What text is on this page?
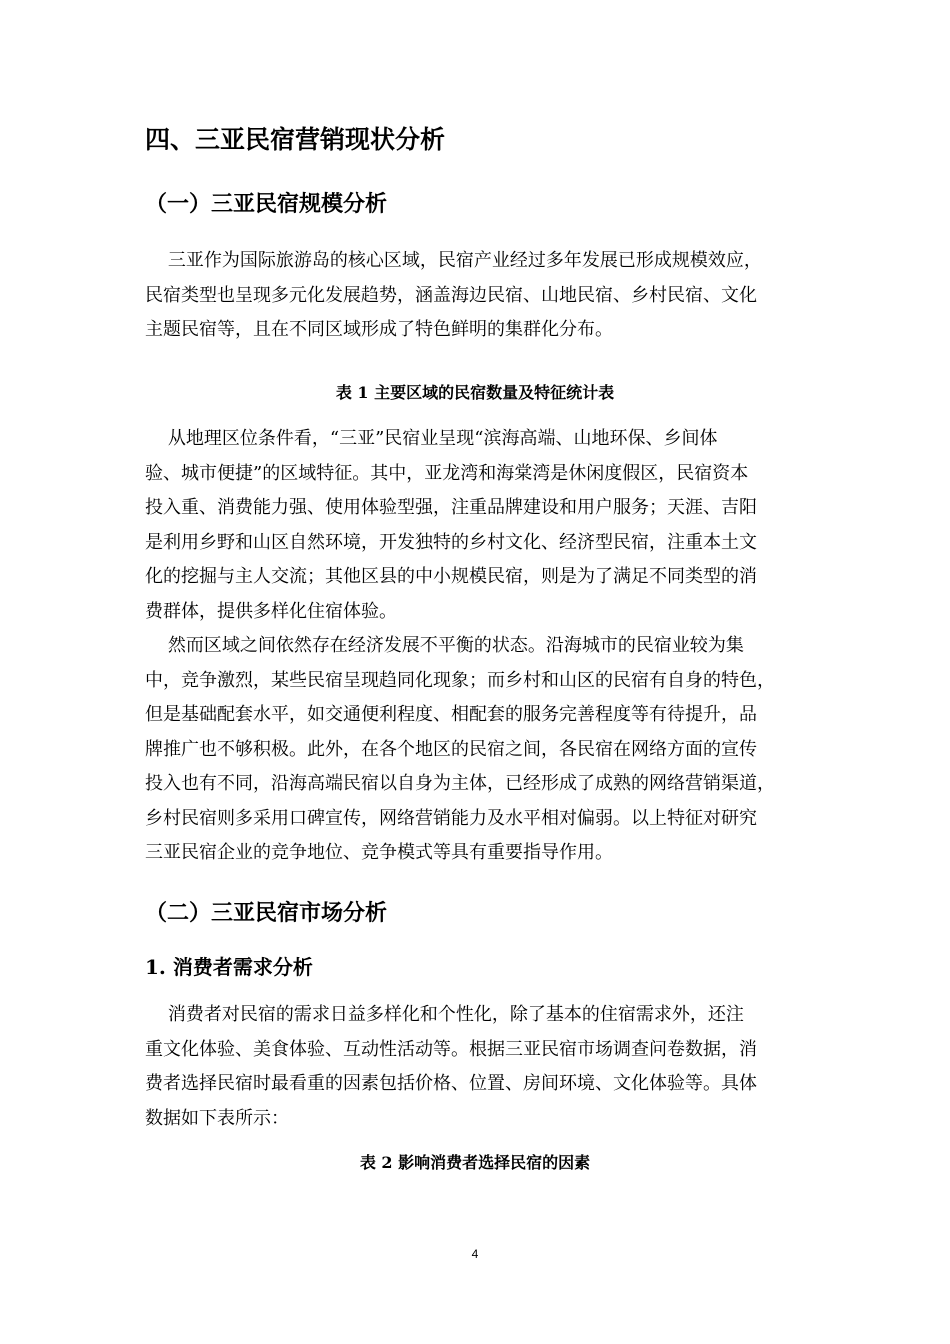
四、三亚民宿营销现状分析
（一）三亚民宿规模分析
三亚作为国际旅游岛的核心区域，民宿产业经过多年发展已形成规模效应，
民宿类型也呈现多元化发展趋势，涵盖海边民宿、山地民宿、乡村民宿、文化
主题民宿等，且在不同区域形成了特色鲜明的集群化分布。
表 1 主要区域的民宿数量及特征统计表
从地理区位条件看，“三亚”民宿业呈现“滨海高端、山地环保、乡间体
验、城市便捷”的区域特征。其中，亚龙湾和海棠湾是休闲度假区，民宿资本
投入重、消费能力强、使用体验型强，注重品牌建设和用户服务；天涯、吉阳
是利用乡野和山区自然环境，开发独特的乡村文化、经济型民宿，注重本土文
化的挖掘与主人交流；其他区县的中小规模民宿，则是为了满足不同类型的消
费群体，提供多样化住宿体验。
然而区域之间依然存在经济发展不平衡的状态。沿海城市的民宿业较为集
中，竞争激烈，某些民宿呈现趋同化现象；而乡村和山区的民宿有自身的特色，
但是基础配套水平，如交通便利程度、相配套的服务完善程度等有待提升，品
牌推广也不够积极。此外，在各个地区的民宿之间，各民宿在网络方面的宣传
投入也有不同，沿海高端民宿以自身为主体，已经形成了成熟的网络营销渠道，
乡村民宿则多采用口碑宣传，网络营销能力及水平相对偏弱。以上特征对研究
三亚民宿企业的竞争地位、竞争模式等具有重要指导作用。
（二）三亚民宿市场分析
1. 消费者需求分析
消费者对民宿的需求日益多样化和个性化，除了基本的住宿需求外，还注
重文化体验、美食体验、互动性活动等。根据三亚民宿市场调查问卷数据，消
费者选择民宿时最看重的因素包括价格、位置、房间环境、文化体验等。具体
数据如下表所示：
表 2 影响消费者选择民宿的因素
4
